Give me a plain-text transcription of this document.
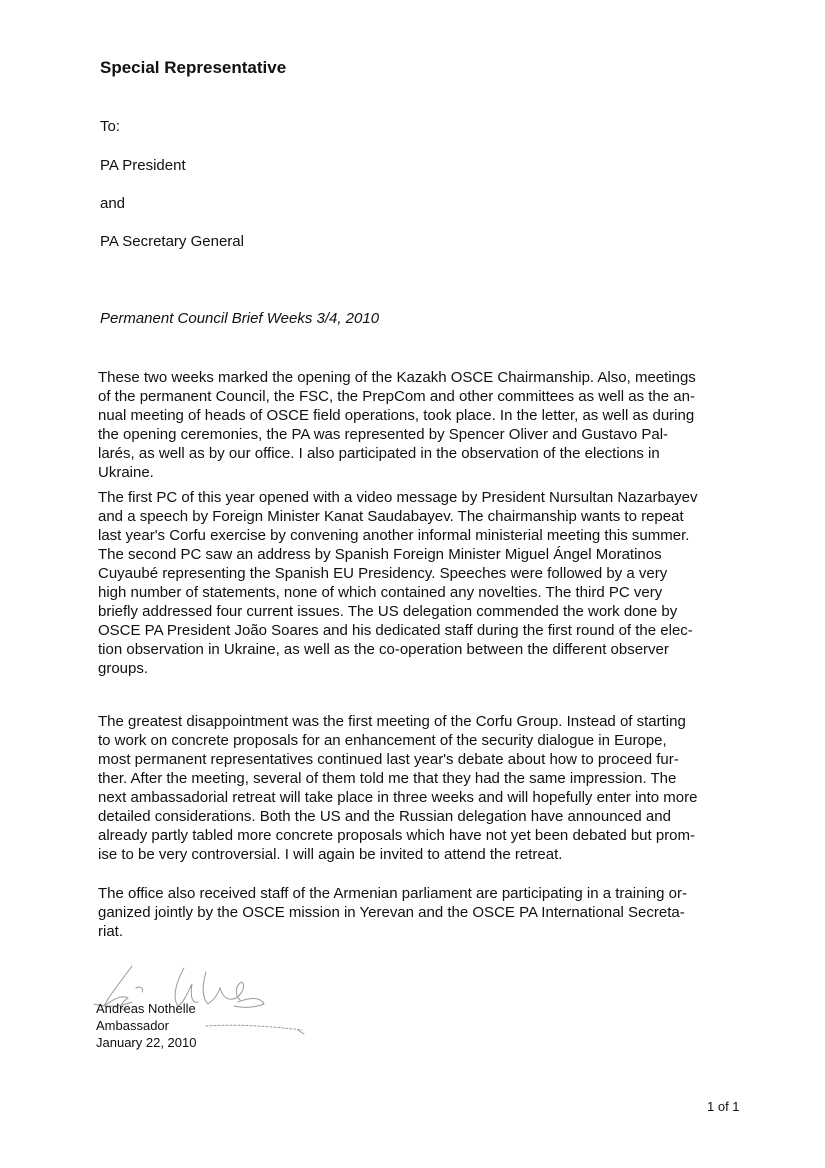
Special Representative

To:

PA President

and

PA Secretary General

Permanent Council Brief Weeks 3/4, 2010

These two weeks marked the opening of the Kazakh OSCE Chairmanship. Also, meetings
of the permanent Council, the FSC, the PrepCom and other committees as well as the an-
nual meeting of heads of OSCE field operations, took place. In the letter, as well as during
the opening ceremonies, the PA was represented by Spencer Oliver and Gustavo Pal-
larés, as well as by our office. I also participated in the observation of the elections in
Ukraine.
The first PC of this year opened with a video message by President Nursultan Nazarbayev
and a speech by Foreign Minister Kanat Saudabayev. The chairmanship wants to repeat
last year's Corfu exercise by convening another informal ministerial meeting this summer.
The second PC saw an address by Spanish Foreign Minister Miguel Ángel Moratinos
Cuyaubé representing the Spanish EU Presidency. Speeches were followed by a very
high number of statements, none of which contained any novelties. The third PC very
briefly addressed four current issues. The US delegation commended the work done by
OSCE PA President João Soares and his dedicated staff during the first round of the elec-
tion observation in Ukraine, as well as the co-operation between the different observer
groups.
The greatest disappointment was the first meeting of the Corfu Group. Instead of starting
to work on concrete proposals for an enhancement of the security dialogue in Europe,
most permanent representatives continued last year's debate about how to proceed fur-
ther. After the meeting, several of them told me that they had the same impression. The
next ambassadorial retreat will take place in three weeks and will hopefully enter into more
detailed considerations. Both the US and the Russian delegation have announced and
already partly tabled more concrete proposals which have not yet been debated but prom-
ise to be very controversial. I will again be invited to attend the retreat.
The office also received staff of the Armenian parliament are participating in a training or-
ganized jointly by the OSCE mission in Yerevan and the OSCE PA International Secreta-
riat.
Andreas Nothelle
Ambassador
January 22, 2010

1 of 1
